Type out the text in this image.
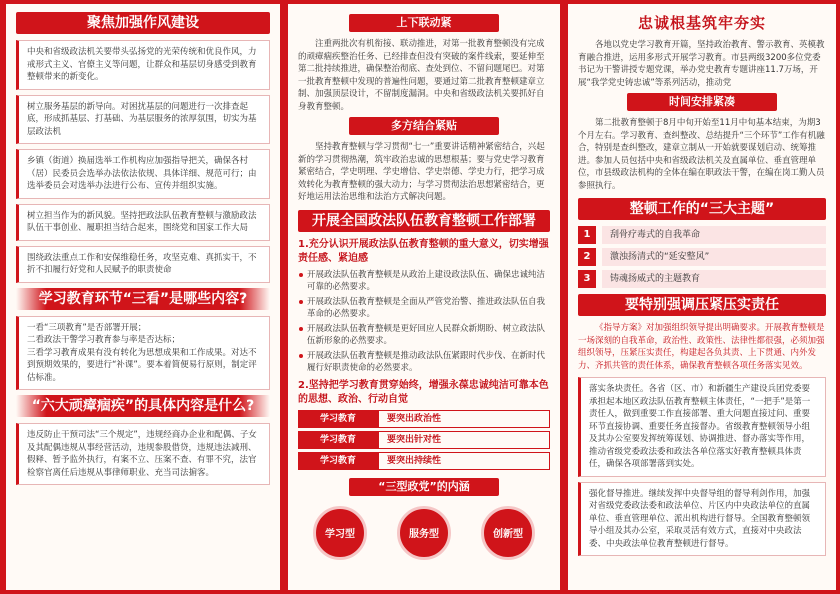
聚焦加强作风建设
中央和省级政法机关要带头弘扬党的光荣传统和优良作风，力戒形式主义、官僚主义等问题，让群众和基层切身感受到教育整顿带来的新变化。
树立服务基层的新导向。对困扰基层的问题进行一次排查起底，形成抓基层、打基础、为基层服务的浓厚氛围，切实为基层政法机
乡镇（街道）换届选举工作机构应加强指导把关，确保各村（居）民委员会选举办法依法依规、具体详细、规范可行；由选举委员会对选举办法进行公布、宣传并组织实施。
树立担当作为的新风貌。坚持把政法队伍教育整顿与激励政法队伍干事创业、履职担当结合起来，围绕党和国家工作大局
围绕政法重点工作和安保维稳任务，攻坚克难、真抓实干，不折不扣履行好党和人民赋予的职责使命
学习教育环节“三看”是哪些内容?
一看“三项教育”是否部署开展；
二看政法干警学习教育参与率是否达标；
三看学习教育成果有没有转化为思想成果和工作成果。对达不到预期效果的，要进行“补课”。要本着简便易行原则，制定评估标准。
“六大顽瘴痼疾”的具体内容是什么?
违反防止干预司法“三个规定”，违规经商办企业和配偶、子女及其配偶违规从事经营活动，违规参股借贷，违规违法减刑、假释、暂予监外执行，有案不立、压案不查、有罪不究，法官检察官离任后违规从事律师职业、充当司法掮客。
上下联动紧
注重两批次有机衔接、联动推进，对第一批教育整顿没有完成的顽瘴痼疾整治任务、已经排查但没有突破的案件线索，要延伸至第二批持续推进，确保整治彻底、查处到位、不留问题尾巴。对第一批教育整顿中发现的普遍性问题，要通过第二批教育整顿建章立制、加强顶层设计，不留制度漏洞。中央和省级政法机关要抓好自身教育整顿。
多方结合紧贴
坚持教育整顿与学习贯彻“七一”重要讲话精神紧密结合，兴起新的学习贯彻热潮，筑牢政治忠诚的思想根基；要与党史学习教育紧密结合，学史明理、学史增信、学史崇德、学史力行，把学习成效转化为教育整顿的强大动力；与学习贯彻法治思想紧密结合，更好地运用法治思维和法治方式解决问题。
开展全国政法队伍教育整顿工作部署
1.充分认识开展政法队伍教育整顿的重大意义，切实增强责任感、紧迫感
开展政法队伍教育整顿是从政治上建设政法队伍、确保忠诚纯洁可靠的必然要求。
开展政法队伍教育整顿是全面从严管党治警、推进政法队伍自我革命的必然要求。
开展政法队伍教育整顿是更好回应人民群众新期盼、树立政法队伍新形象的必然要求。
开展政法队伍教育整顿是推动政法队伍紧跟时代步伐、在新时代履行好职责使命的必然要求。
2.坚持把学习教育贯穿始终，增强永葆忠诚纯洁可靠本色的思想、政治、行动自觉
学习教育	要突出政治性
学习教育	要突出针对性
学习教育	要突出持续性
“三型政党”的内涵
学习型	服务型	创新型
忠诚根基筑牢夯实
各地以党史学习教育开篇，坚持政治教育、警示教育、英模教育融合推进，运用多形式开展学习教育。市县两级3200多位党委书记为干警讲授专题党课，举办党史教育专题讲座11.7万场，开展“我学党史铸忠诚”等系列活动，推动党
时间安排紧凑
第二批教育整顿于8月中旬开始至11月中旬基本结束，为期3个月左右。学习教育、查纠整改、总结提升“三个环节”工作有机融合，特别是查纠整改，建章立制从一开始就要谋划启动、统筹推进。参加人员包括中央和省级政法机关及直属单位、垂直管理单位，市县级政法机构的全体在编在职政法干警，在编在岗工勤人员参照执行。
整顿工作的“三大主题”
1	刮骨疗毒式的自我革命
2	激浊扬清式的“延安整风”
3	铸魂扬威式的主题教育
要特别强调压紧压实责任
《指导方案》对加强组织领导提出明确要求。开展教育整顿是一场深刻的自我革命，政治性、政策性、法律性都很强，必须加强组织领导，压紧压实责任，构建起各负其责、上下贯通、内外发力、齐抓共管的责任体系，确保教育整顿各项任务落实见效。
落实条块责任。各省（区、市）和新疆生产建设兵团党委要承担起本地区政法队伍教育整顿主体责任，“一把手”是第一责任人，做到重要工作直接部署、重大问题直接过问、重要环节直接协调、重要任务直接督办。省级教育整顿领导小组及其办公室要发挥统筹谋划、协调推进、督办落实等作用，推动省级党委政法委和政法各单位落实好教育整顿具体责任，确保各项部署落到实处。
强化督导推进。继续发挥中央督导组的督导利剑作用，加强对省级党委政法委和政法单位、片区内中央政法单位的直属单位、垂直管理单位、派出机构进行督导。全国教育整顿领导小组及其办公室，采取灵活有效方式，直接对中央政法委、中央政法单位教育整顿进行督导。
